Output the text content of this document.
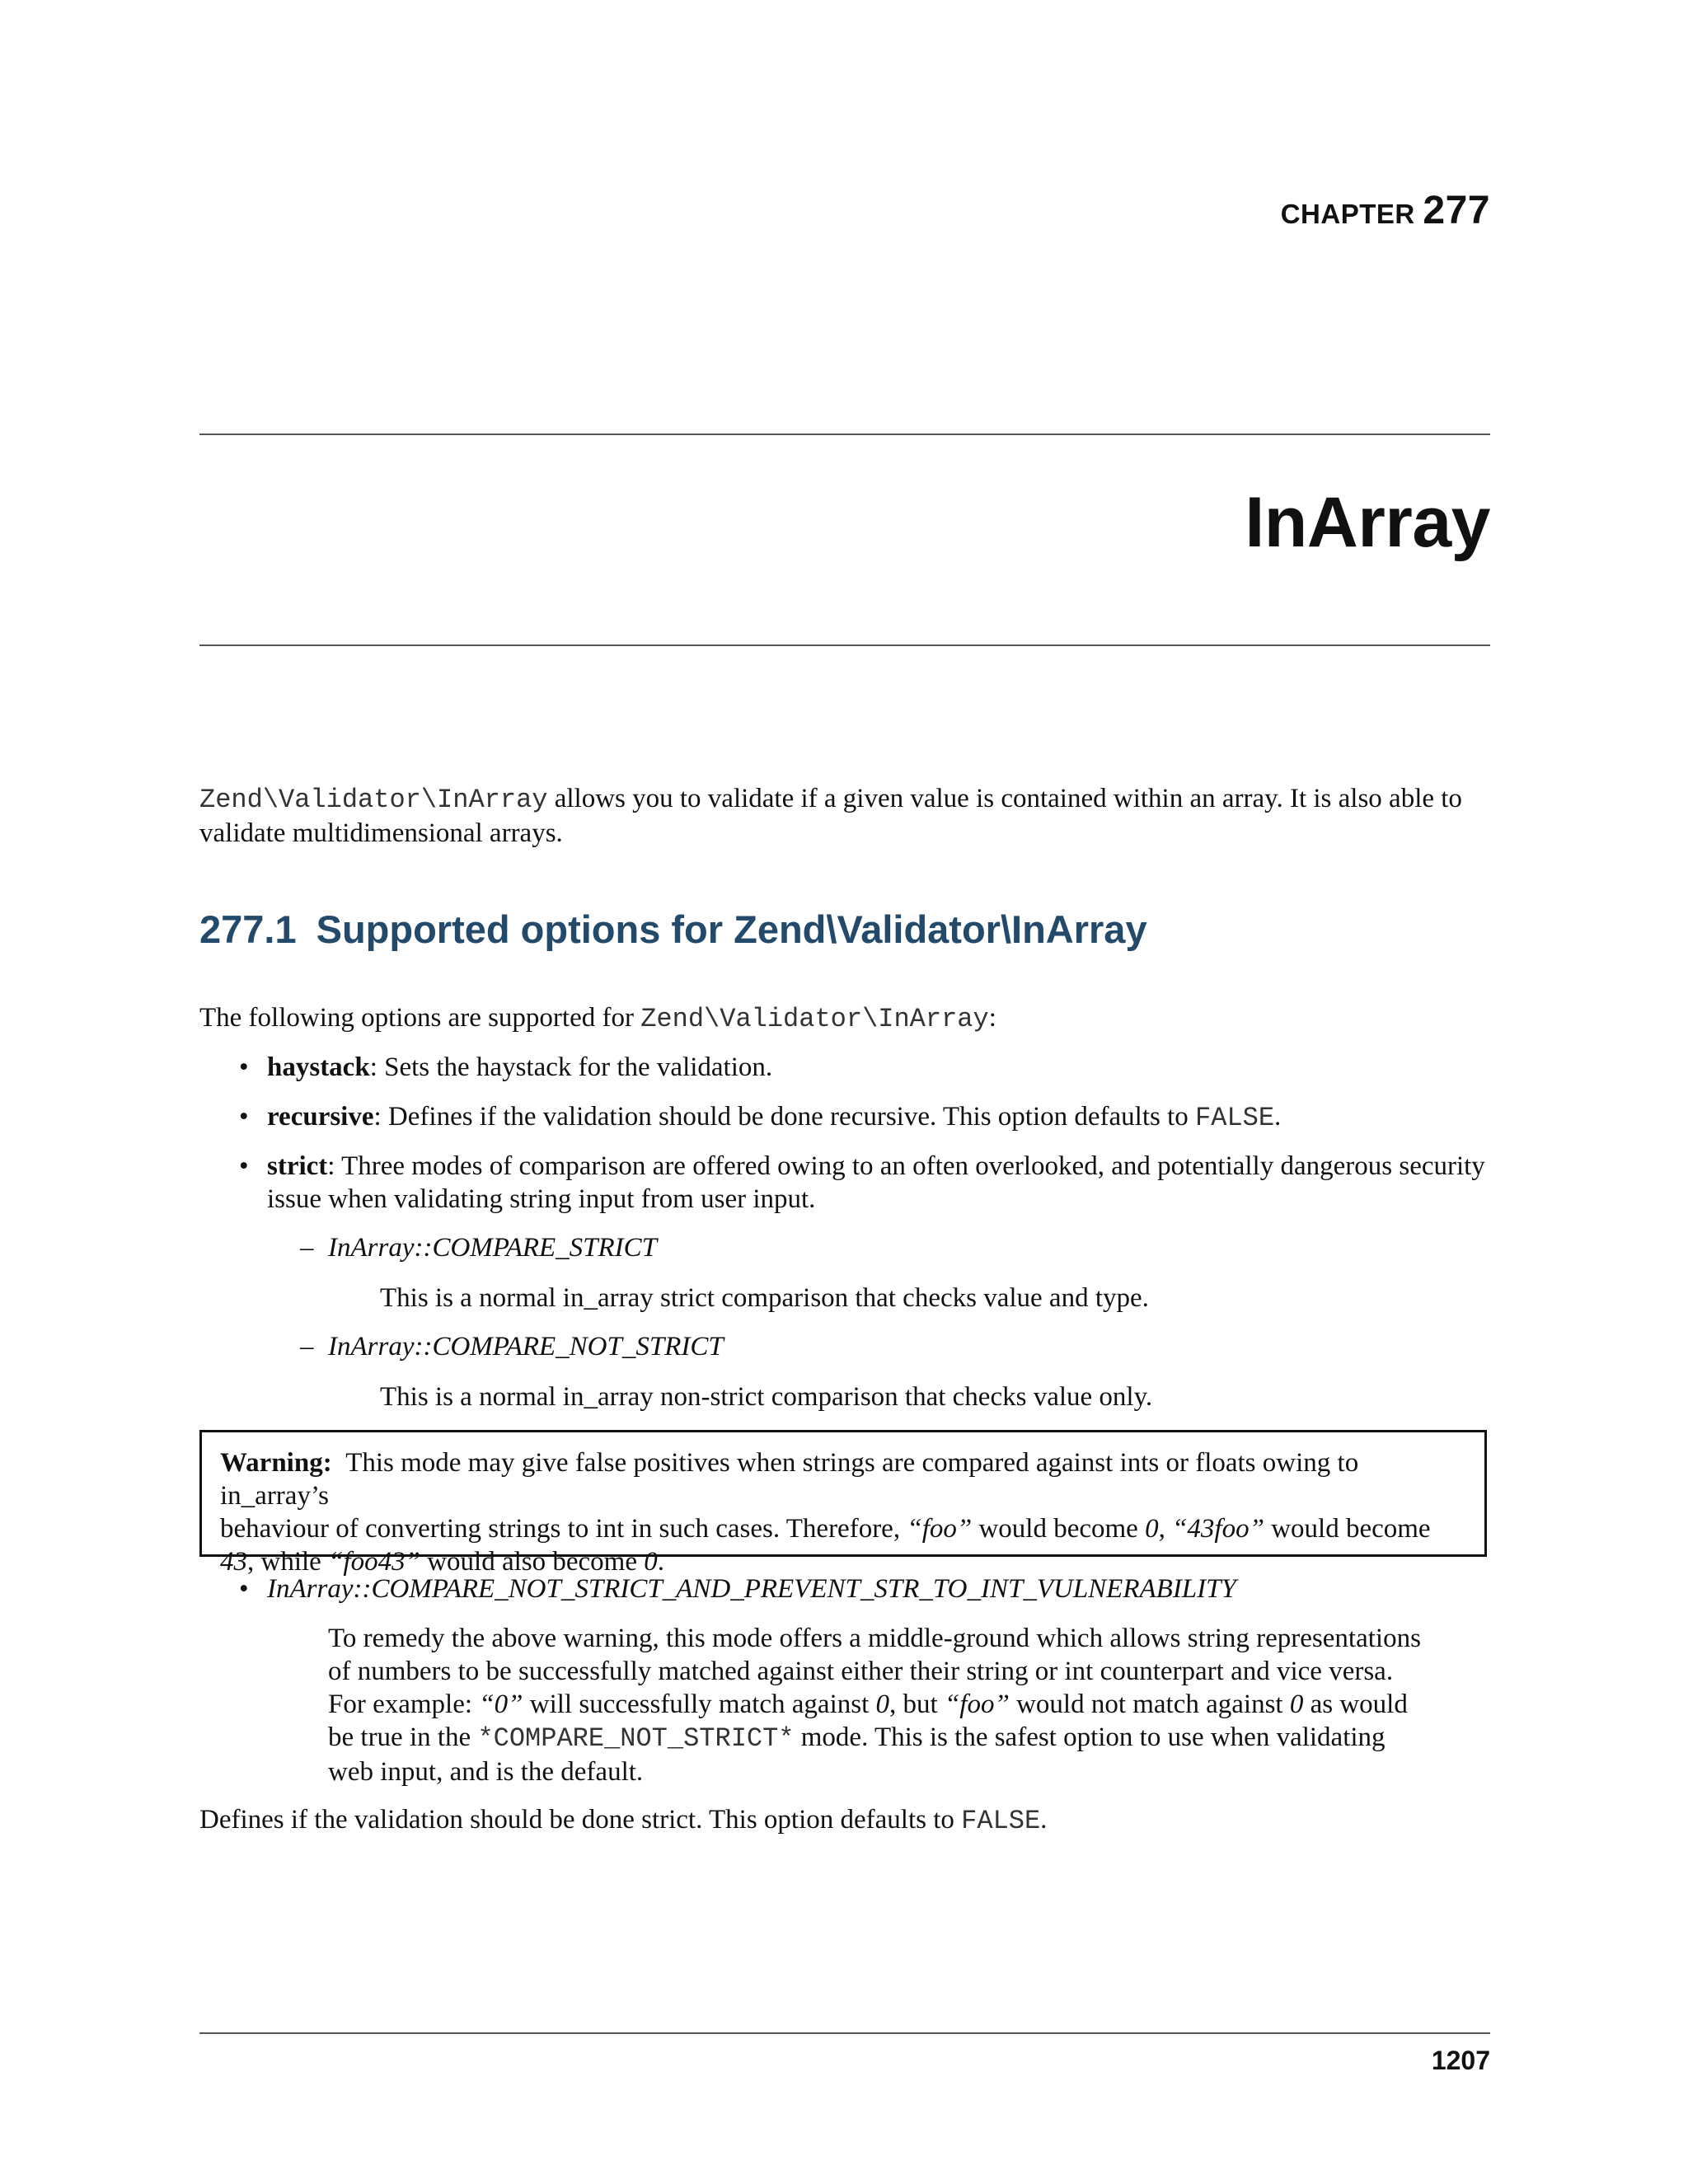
CHAPTER 277
InArray
Zend\Validator\InArray allows you to validate if a given value is contained within an array. It is also able to
validate multidimensional arrays.
277.1 Supported options for Zend\Validator\InArray
The following options are supported for Zend\Validator\InArray:
• haystack: Sets the haystack for the validation.
• recursive: Defines if the validation should be done recursive. This option defaults to FALSE.
• strict: Three modes of comparison are offered owing to an often overlooked, and potentially dangerous security
issue when validating string input from user input.
– InArray::COMPARE_STRICT
This is a normal in_array strict comparison that checks value and type.
– InArray::COMPARE_NOT_STRICT
This is a normal in_array non-strict comparison that checks value only.
Warning: This mode may give false positives when strings are compared against ints or floats owing to in_array’s
behaviour of converting strings to int in such cases. Therefore, “foo” would become 0, “43foo” would become
43, while “foo43” would also become 0.
• InArray::COMPARE_NOT_STRICT_AND_PREVENT_STR_TO_INT_VULNERABILITY
To remedy the above warning, this mode offers a middle-ground which allows string representations
of numbers to be successfully matched against either their string or int counterpart and vice versa.
For example: “0” will successfully match against 0, but “foo” would not match against 0 as would
be true in the *COMPARE_NOT_STRICT* mode. This is the safest option to use when validating
web input, and is the default.
Defines if the validation should be done strict. This option defaults to FALSE.
1207
